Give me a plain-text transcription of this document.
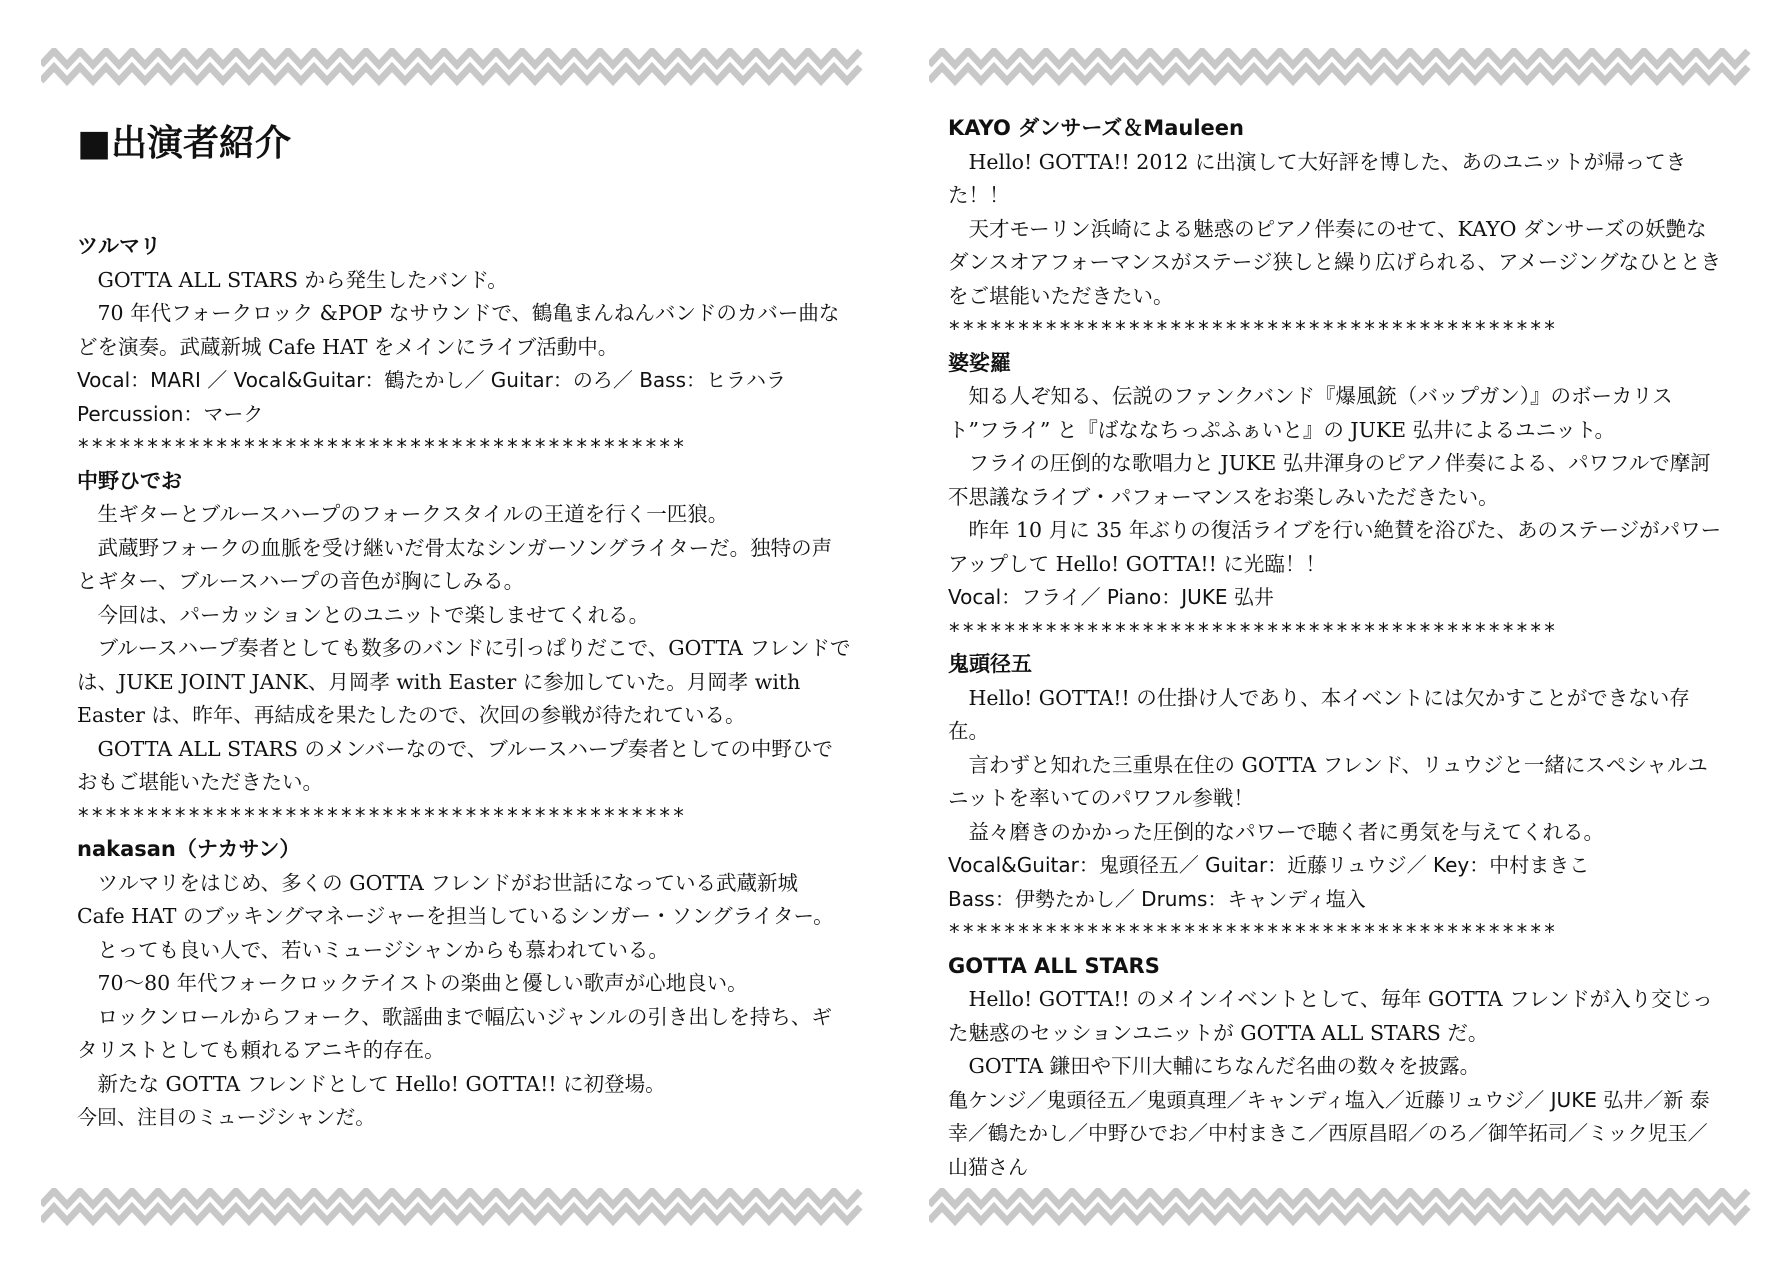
■出演者紹介
ツルマリ

GOTTA ALL STARS から発生したバンド。

70 年代フォークロック &POP なサウンドで、鶴亀まんねんバンドのカバー曲などを演奏。武蔵新城 Cafe HAT をメインにライブ活動中。

Vocal：MARI ／ Vocal&Guitar：鶴たかし／ Guitar：のろ／ Bass：ヒラハラ

Percussion：マーク

********************************************
中野ひでお

生ギターとブルースハープのフォークスタイルの王道を行く一匹狼。

武蔵野フォークの血脈を受け継いだ骨太なシンガーソングライターだ。独特の声とギター、ブルースハープの音色が胸にしみる。

今回は、パーカッションとのユニットで楽しませてくれる。

ブルースハープ奏者としても数多のバンドに引っぱりだこで、GOTTA フレンドでは、JUKE JOINT JANK、月岡孝 with Easter に参加していた。月岡孝 with Easter は、昨年、再結成を果たしたので、次回の参戦が待たれている。

GOTTA ALL STARS のメンバーなので、ブルースハープ奏者としての中野ひでおもご堪能いただきたい。

********************************************
nakasan（ナカサン）

ツルマリをはじめ、多くの GOTTA フレンドがお世話になっている武蔵新城 Cafe HAT のブッキングマネージャーを担当しているシンガー・ソングライター。

とっても良い人で、若いミュージシャンからも慕われている。

70〜80 年代フォークロックテイストの楽曲と優しい歌声が心地良い。

ロックンロールからフォーク、歌謡曲まで幅広いジャンルの引き出しを持ち、ギタリストとしても頼れるアニキ的存在。

新たな GOTTA フレンドとして Hello! GOTTA!! に初登場。

今回、注目のミュージシャンだ。

KAYO ダンサーズ＆Mauleen

Hello! GOTTA!! 2012 に出演して大好評を博した、あのユニットが帰ってきた！！

天才モーリン浜崎による魅惑のピアノ伴奏にのせて、KAYO ダンサーズの妖艶なダンスオアフォーマンスがステージ狭しと繰り広げられる、アメージングなひとときをご堪能いただきたい。

********************************************
婆娑羅

知る人ぞ知る、伝説のファンクバンド『爆風銃（バップガン）』のボーカリスト”フライ” と『ばななちっぷふぁいと』の JUKE 弘井によるユニット。

フライの圧倒的な歌唱力と JUKE 弘井渾身のピアノ伴奏による、パワフルで摩訶不思議なライブ・パフォーマンスをお楽しみいただきたい。

昨年 10 月に 35 年ぶりの復活ライブを行い絶賛を浴びた、あのステージがパワーアップして Hello! GOTTA!! に光臨！！

Vocal：フライ／ Piano：JUKE 弘井

********************************************
鬼頭径五

Hello! GOTTA!! の仕掛け人であり、本イベントには欠かすことができない存在。

言わずと知れた三重県在住の GOTTA フレンド、リュウジと一緒にスペシャルユニットを率いてのパワフル参戦！

益々磨きのかかった圧倒的なパワーで聴く者に勇気を与えてくれる。

Vocal&Guitar：鬼頭径五／ Guitar：近藤リュウジ／ Key：中村まきこ

Bass：伊勢たかし／ Drums：キャンディ塩入

********************************************
GOTTA ALL STARS

Hello! GOTTA!! のメインイベントとして、毎年 GOTTA フレンドが入り交じった魅惑のセッションユニットが GOTTA ALL STARS だ。

GOTTA 鎌田や下川大輔にちなんだ名曲の数々を披露。

亀ケンジ／鬼頭径五／鬼頭真理／キャンディ塩入／近藤リュウジ／ JUKE 弘井／新 泰幸／鶴たかし／中野ひでお／中村まきこ／西原昌昭／のろ／御竿拓司／ミック児玉／山猫さん
